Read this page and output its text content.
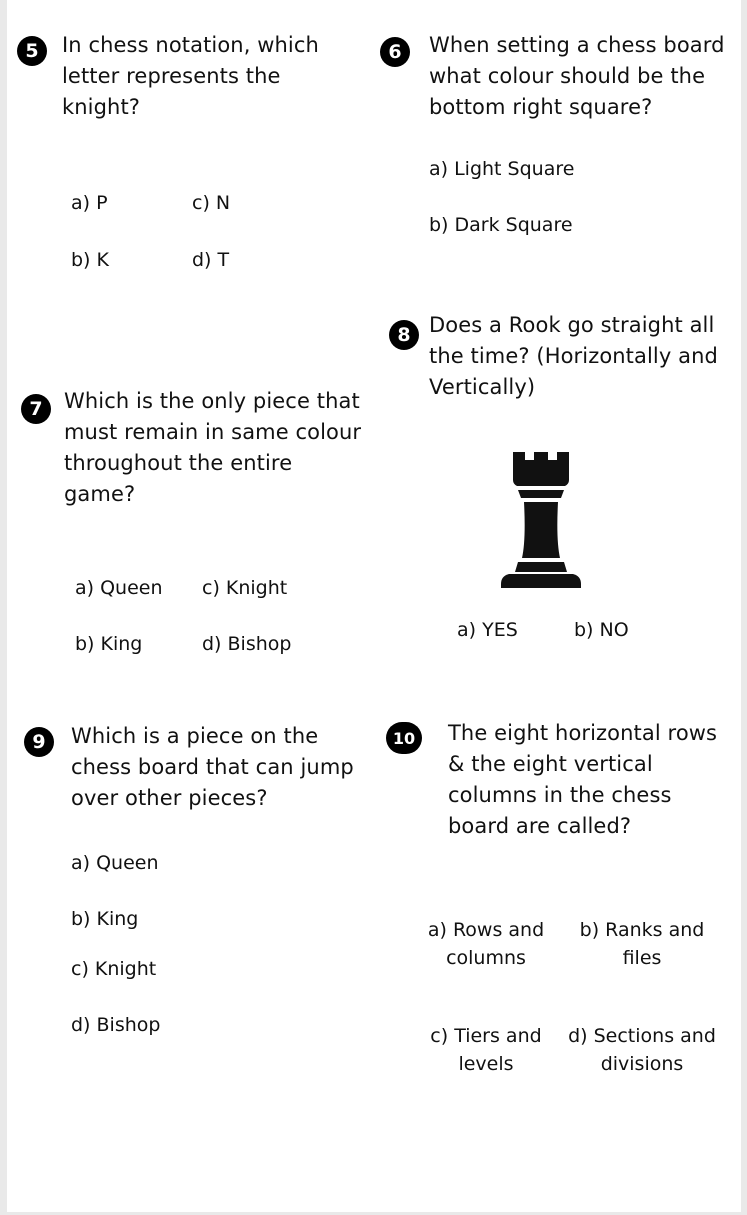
5	In chess notation, which letter represents the knight?
a) P	c) N
b) K	d) T
6	When setting a chess board what colour should be the bottom right square?
a) Light Square
b) Dark Square
8 Does a Rook go straight all the time? (Horizontally and Vertically)
a) YES	b) NO
7	Which is the only piece that must remain in same colour throughout the entire game?
a) Queen c) Knight
b) King	d) Bishop
9	Which is a piece on the chess board that can jump over other pieces?
a) Queen
b) King
c) Knight
d) Bishop
10	The eight horizontal rows & the eight vertical columns in the chess board are called?
a) Rows and columns
b) Ranks and files
c) Tiers and levels
d) Sections and divisions
